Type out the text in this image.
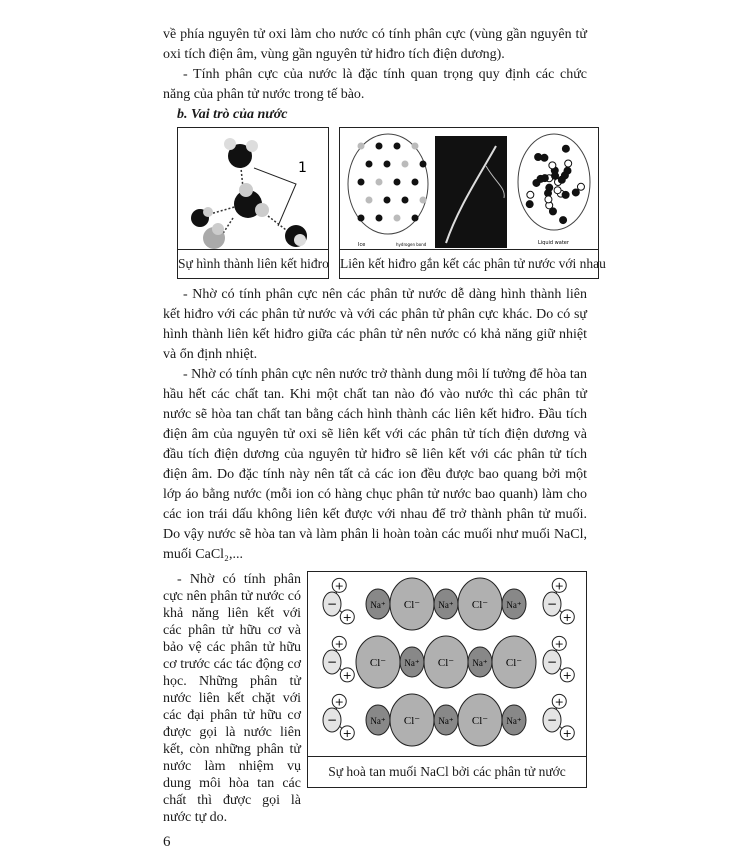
về phía nguyên tử oxi làm cho nước có tính phân cực (vùng gần nguyên tử oxi tích điện âm, vùng gần nguyên tử hiđro tích điện dương).

- Tính phân cực của nước là đặc tính quan trọng quy định các chức năng của phân tử nước trong tế bào.

b. Vai trò của nước
1
Sự hình thành liên kết hiđro
Ice	hydrogen bond	Liquid water
Liên kết hiđro gắn kết các phân tử nước với nhau

- Nhờ có tính phân cực nên các phân tử nước dễ dàng hình thành liên kết hiđro với các phân tử nước và với các phân tử phân cực khác. Do có sự hình thành liên kết hiđro giữa các phân tử nên nước có khả năng giữ nhiệt và ổn định nhiệt.

- Nhờ có tính phân cực nên nước trở thành dung môi lí tưởng để hòa tan hầu hết các chất tan. Khi một chất tan nào đó vào nước thì các phân tử nước sẽ hòa tan chất tan bằng cách hình thành các liên kết hiđro. Đầu tích điện âm của nguyên tử oxi sẽ liên kết với các phân tử tích điện dương và đầu tích điện dương của nguyên tử hiđro sẽ liên kết với các phân tử tích điện âm. Do đặc tính này nên tất cả các ion đều được bao quang bởi một lớp áo bằng nước (mỗi ion có hàng chục phân tử nước bao quanh) làm cho các ion trái dấu không liên kết được với nhau để trở thành phân tử muối. Do vậy nước sẽ hòa tan và làm phân li hoàn toàn các muối như muối NaCl, muối CaCl₂,...

- Nhờ có tính phân cực nên phân tử nước có khả năng liên kết với các phân tử hữu cơ và bảo vệ các phân tử hữu cơ trước các tác động cơ học. Những phân tử nước liên kết chặt với các đại phân tử hữu cơ được gọi là nước liên kết, còn những phân tử nước làm nhiệm vụ dung môi hòa tan các chất thì được gọi là nước tự do.

−
+
+
−
+
+
−
+
+
−
+
+
−
+
+
−
+
+
Na⁺ Cl⁻ Na⁺ Cl⁻ Na⁺
Cl⁻ Na⁺ Cl⁻ Na⁺ Cl⁻
Na⁺ Cl⁻ Na⁺ Cl⁻ Na⁺
Sự hoà tan muối NaCl bởi các phân tử nước
6
